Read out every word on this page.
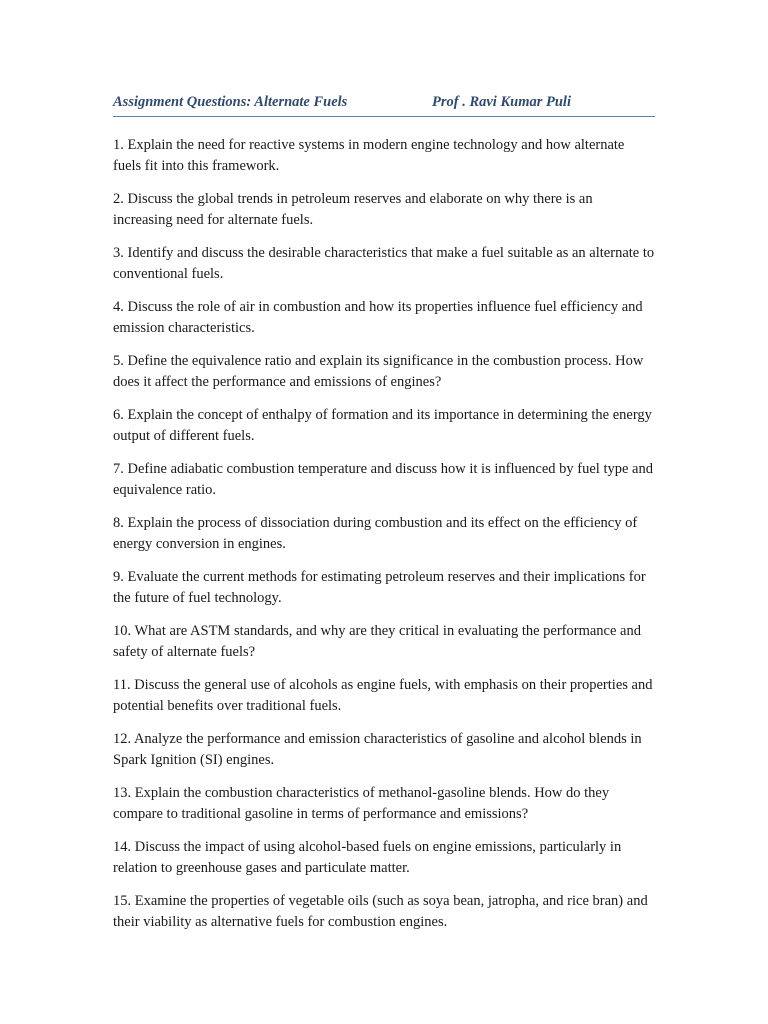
Assignment Questions: Alternate Fuels	Prof . Ravi Kumar Puli
1. Explain the need for reactive systems in modern engine technology and how alternate fuels fit into this framework.
2. Discuss the global trends in petroleum reserves and elaborate on why there is an increasing need for alternate fuels.
3. Identify and discuss the desirable characteristics that make a fuel suitable as an alternate to conventional fuels.
4. Discuss the role of air in combustion and how its properties influence fuel efficiency and emission characteristics.
5. Define the equivalence ratio and explain its significance in the combustion process. How does it affect the performance and emissions of engines?
6. Explain the concept of enthalpy of formation and its importance in determining the energy output of different fuels.
7. Define adiabatic combustion temperature and discuss how it is influenced by fuel type and equivalence ratio.
8. Explain the process of dissociation during combustion and its effect on the efficiency of energy conversion in engines.
9. Evaluate the current methods for estimating petroleum reserves and their implications for the future of fuel technology.
10. What are ASTM standards, and why are they critical in evaluating the performance and safety of alternate fuels?
11. Discuss the general use of alcohols as engine fuels, with emphasis on their properties and potential benefits over traditional fuels.
12. Analyze the performance and emission characteristics of gasoline and alcohol blends in Spark Ignition (SI) engines.
13. Explain the combustion characteristics of methanol-gasoline blends. How do they compare to traditional gasoline in terms of performance and emissions?
14. Discuss the impact of using alcohol-based fuels on engine emissions, particularly in relation to greenhouse gases and particulate matter.
15. Examine the properties of vegetable oils (such as soya bean, jatropha, and rice bran) and their viability as alternative fuels for combustion engines.
